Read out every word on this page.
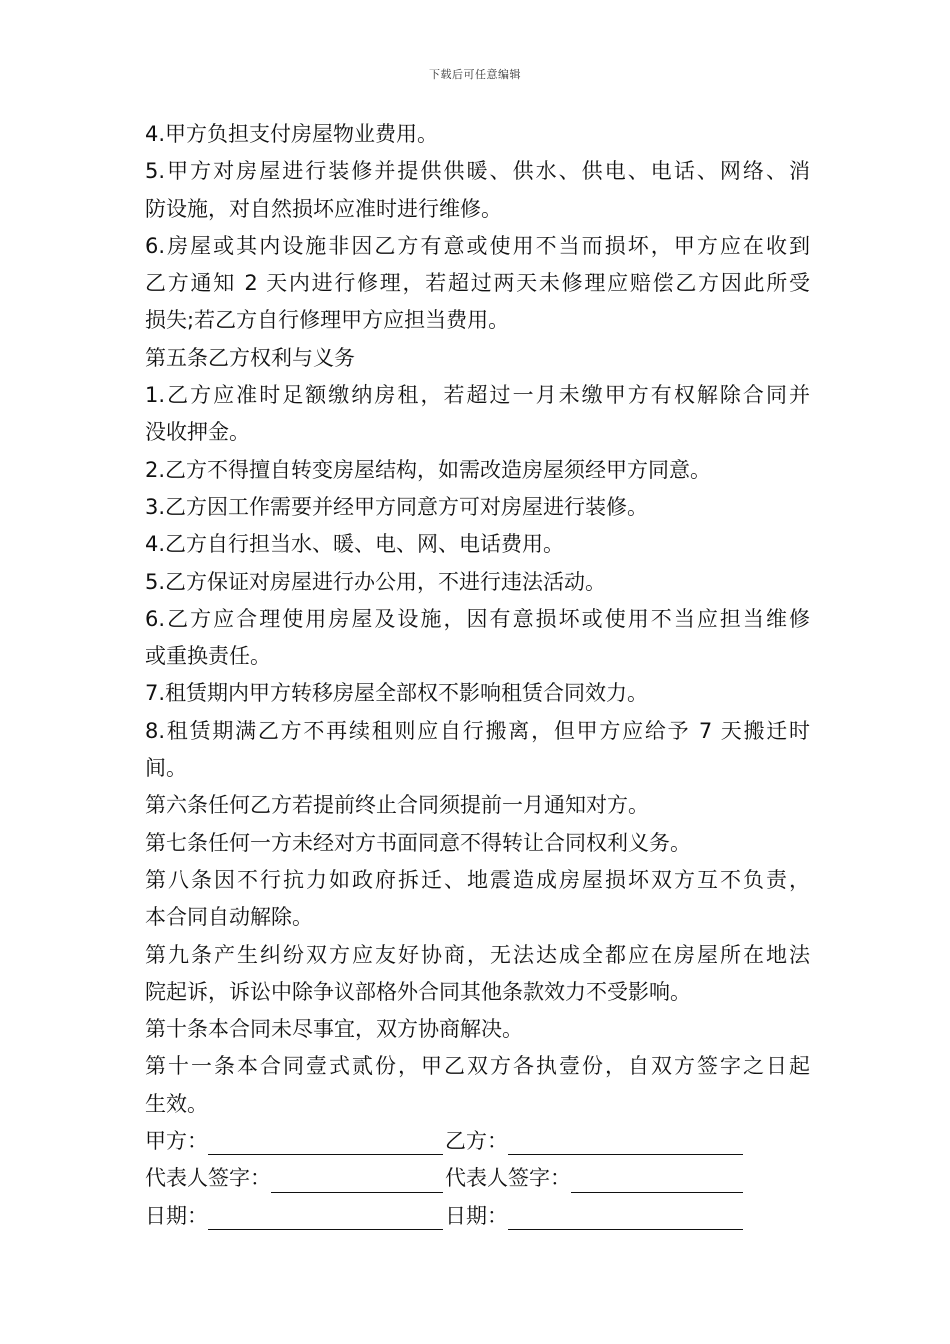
下载后可任意编辑
4.甲方负担支付房屋物业费用。
5.甲方对房屋进行装修并提供供暖、供水、供电、电话、网络、消
防设施，对自然损坏应准时进行维修。
6.房屋或其内设施非因乙方有意或使用不当而损坏，甲方应在收到
乙方通知 2 天内进行修理，若超过两天未修理应赔偿乙方因此所受
损失;若乙方自行修理甲方应担当费用。
第五条乙方权利与义务
1.乙方应准时足额缴纳房租，若超过一月未缴甲方有权解除合同并
没收押金。
2.乙方不得擅自转变房屋结构，如需改造房屋须经甲方同意。
3.乙方因工作需要并经甲方同意方可对房屋进行装修。
4.乙方自行担当水、暖、电、网、电话费用。
5.乙方保证对房屋进行办公用，不进行违法活动。
6.乙方应合理使用房屋及设施，因有意损坏或使用不当应担当维修
或重换责任。
7.租赁期内甲方转移房屋全部权不影响租赁合同效力。
8.租赁期满乙方不再续租则应自行搬离，但甲方应给予 7 天搬迁时
间。
第六条任何乙方若提前终止合同须提前一月通知对方。
第七条任何一方未经对方书面同意不得转让合同权利义务。
第八条因不行抗力如政府拆迁、地震造成房屋损坏双方互不负责，
本合同自动解除。
第九条产生纠纷双方应友好协商，无法达成全都应在房屋所在地法
院起诉，诉讼中除争议部格外合同其他条款效力不受影响。
第十条本合同未尽事宜，双方协商解决。
第十一条本合同壹式贰份，甲乙双方各执壹份，自双方签字之日起
生效。
甲方：	乙方：
代表人签字：	代表人签字：
日期：	日期：
